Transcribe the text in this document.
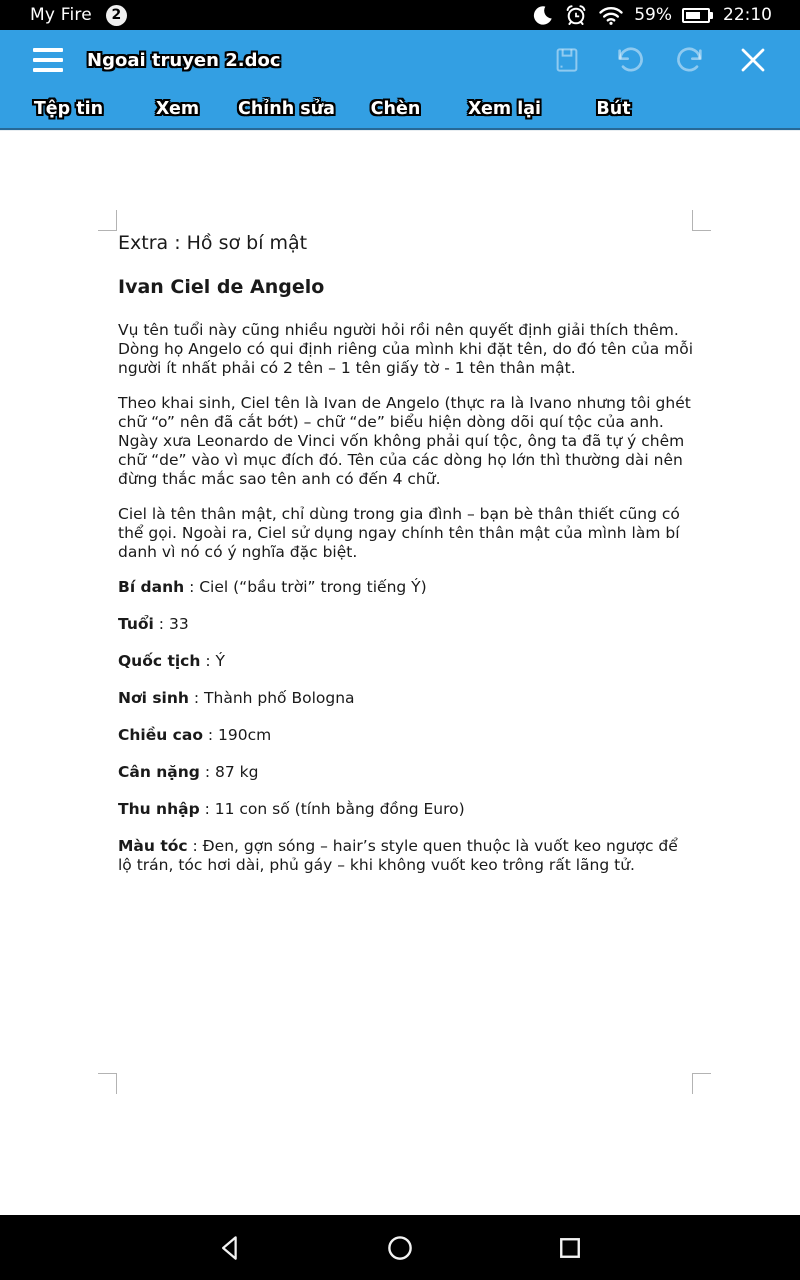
My Fire	2	59%	22:10
Ngoai truyen 2.doc
Tệp tin	Xem	Chỉnh sửa	Chèn	Xem lại	Bút
Extra : Hồ sơ bí mật
Ivan Ciel de Angelo

Vụ tên tuổi này cũng nhiều người hỏi rồi nên quyết định giải thích thêm. Dòng họ Angelo có qui định riêng của mình khi đặt tên, do đó tên của mỗi người ít nhất phải có 2 tên – 1 tên giấy tờ - 1 tên thân mật.

Theo khai sinh, Ciel tên là Ivan de Angelo (thực ra là Ivano nhưng tôi ghét chữ “o” nên đã cắt bớt) – chữ “de” biểu hiện dòng dõi quí tộc của anh. Ngày xưa Leonardo de Vinci vốn không phải quí tộc, ông ta đã tự ý chêm chữ “de” vào vì mục đích đó. Tên của các dòng họ lớn thì thường dài nên đừng thắc mắc sao tên anh có đến 4 chữ.

Ciel là tên thân mật, chỉ dùng trong gia đình – bạn bè thân thiết cũng có thể gọi. Ngoài ra, Ciel sử dụng ngay chính tên thân mật của mình làm bí danh vì nó có ý nghĩa đặc biệt.

Bí danh : Ciel (“bầu trời” trong tiếng Ý)
Tuổi : 33
Quốc tịch : Ý
Nơi sinh : Thành phố Bologna
Chiều cao : 190cm
Cân nặng : 87 kg
Thu nhập : 11 con số (tính bằng đồng Euro)
Màu tóc : Đen, gợn sóng – hair’s style quen thuộc là vuốt keo ngược để lộ trán, tóc hơi dài, phủ gáy – khi không vuốt keo trông rất lãng tử.
